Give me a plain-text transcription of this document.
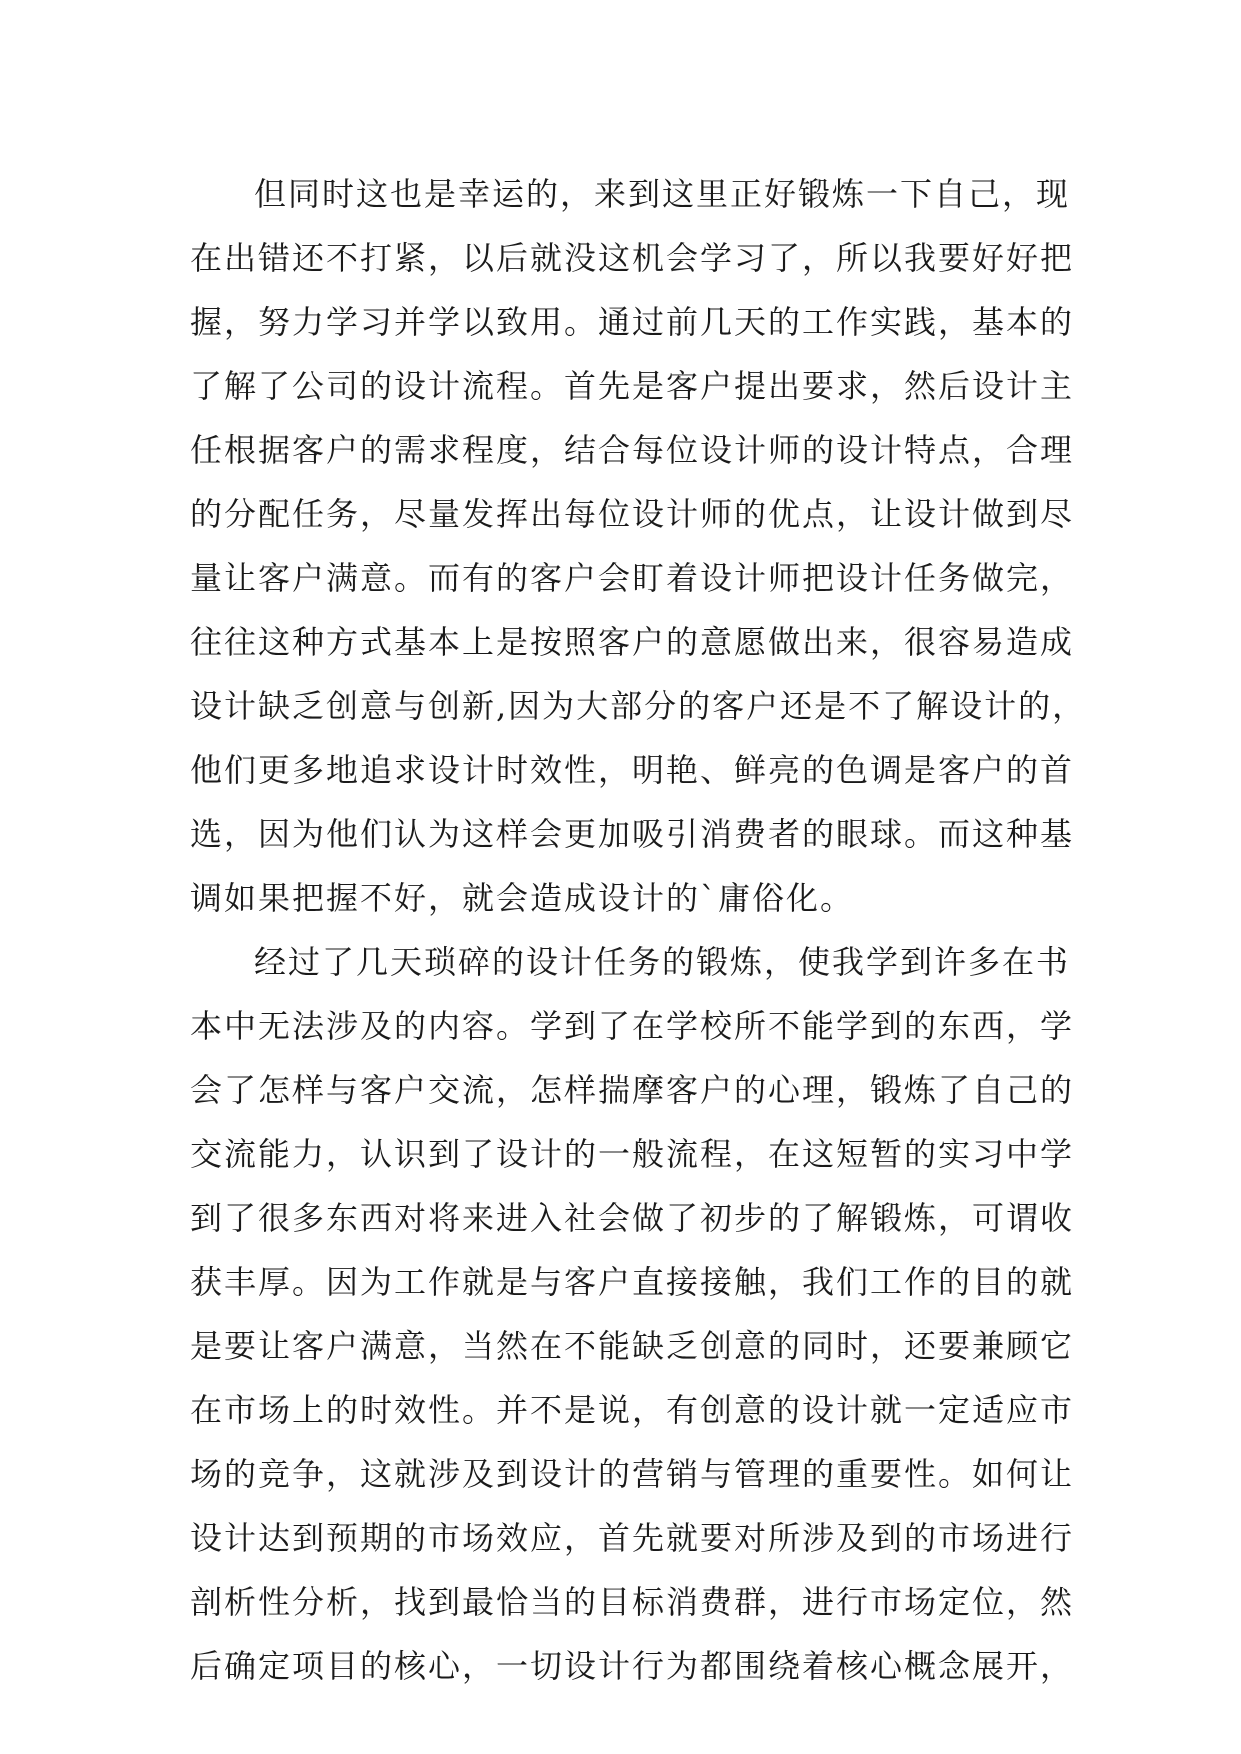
但同时这也是幸运的，来到这里正好锻炼一下自己，现
在出错还不打紧，以后就没这机会学习了，所以我要好好把
握，努力学习并学以致用。通过前几天的工作实践，基本的
了解了公司的设计流程。首先是客户提出要求，然后设计主
任根据客户的需求程度，结合每位设计师的设计特点，合理
的分配任务，尽量发挥出每位设计师的优点，让设计做到尽
量让客户满意。而有的客户会盯着设计师把设计任务做完，
往往这种方式基本上是按照客户的意愿做出来，很容易造成
设计缺乏创意与创新,因为大部分的客户还是不了解设计的，
他们更多地追求设计时效性，明艳、鲜亮的色调是客户的首
选，因为他们认为这样会更加吸引消费者的眼球。而这种基
调如果把握不好，就会造成设计的`庸俗化。
经过了几天琐碎的设计任务的锻炼，使我学到许多在书
本中无法涉及的内容。学到了在学校所不能学到的东西，学
会了怎样与客户交流，怎样揣摩客户的心理，锻炼了自己的
交流能力，认识到了设计的一般流程，在这短暂的实习中学
到了很多东西对将来进入社会做了初步的了解锻炼，可谓收
获丰厚。因为工作就是与客户直接接触，我们工作的目的就
是要让客户满意，当然在不能缺乏创意的同时，还要兼顾它
在市场上的时效性。并不是说，有创意的设计就一定适应市
场的竞争，这就涉及到设计的营销与管理的重要性。如何让
设计达到预期的市场效应，首先就要对所涉及到的市场进行
剖析性分析，找到最恰当的目标消费群，进行市场定位，然
后确定项目的核心，一切设计行为都围绕着核心概念展开，
